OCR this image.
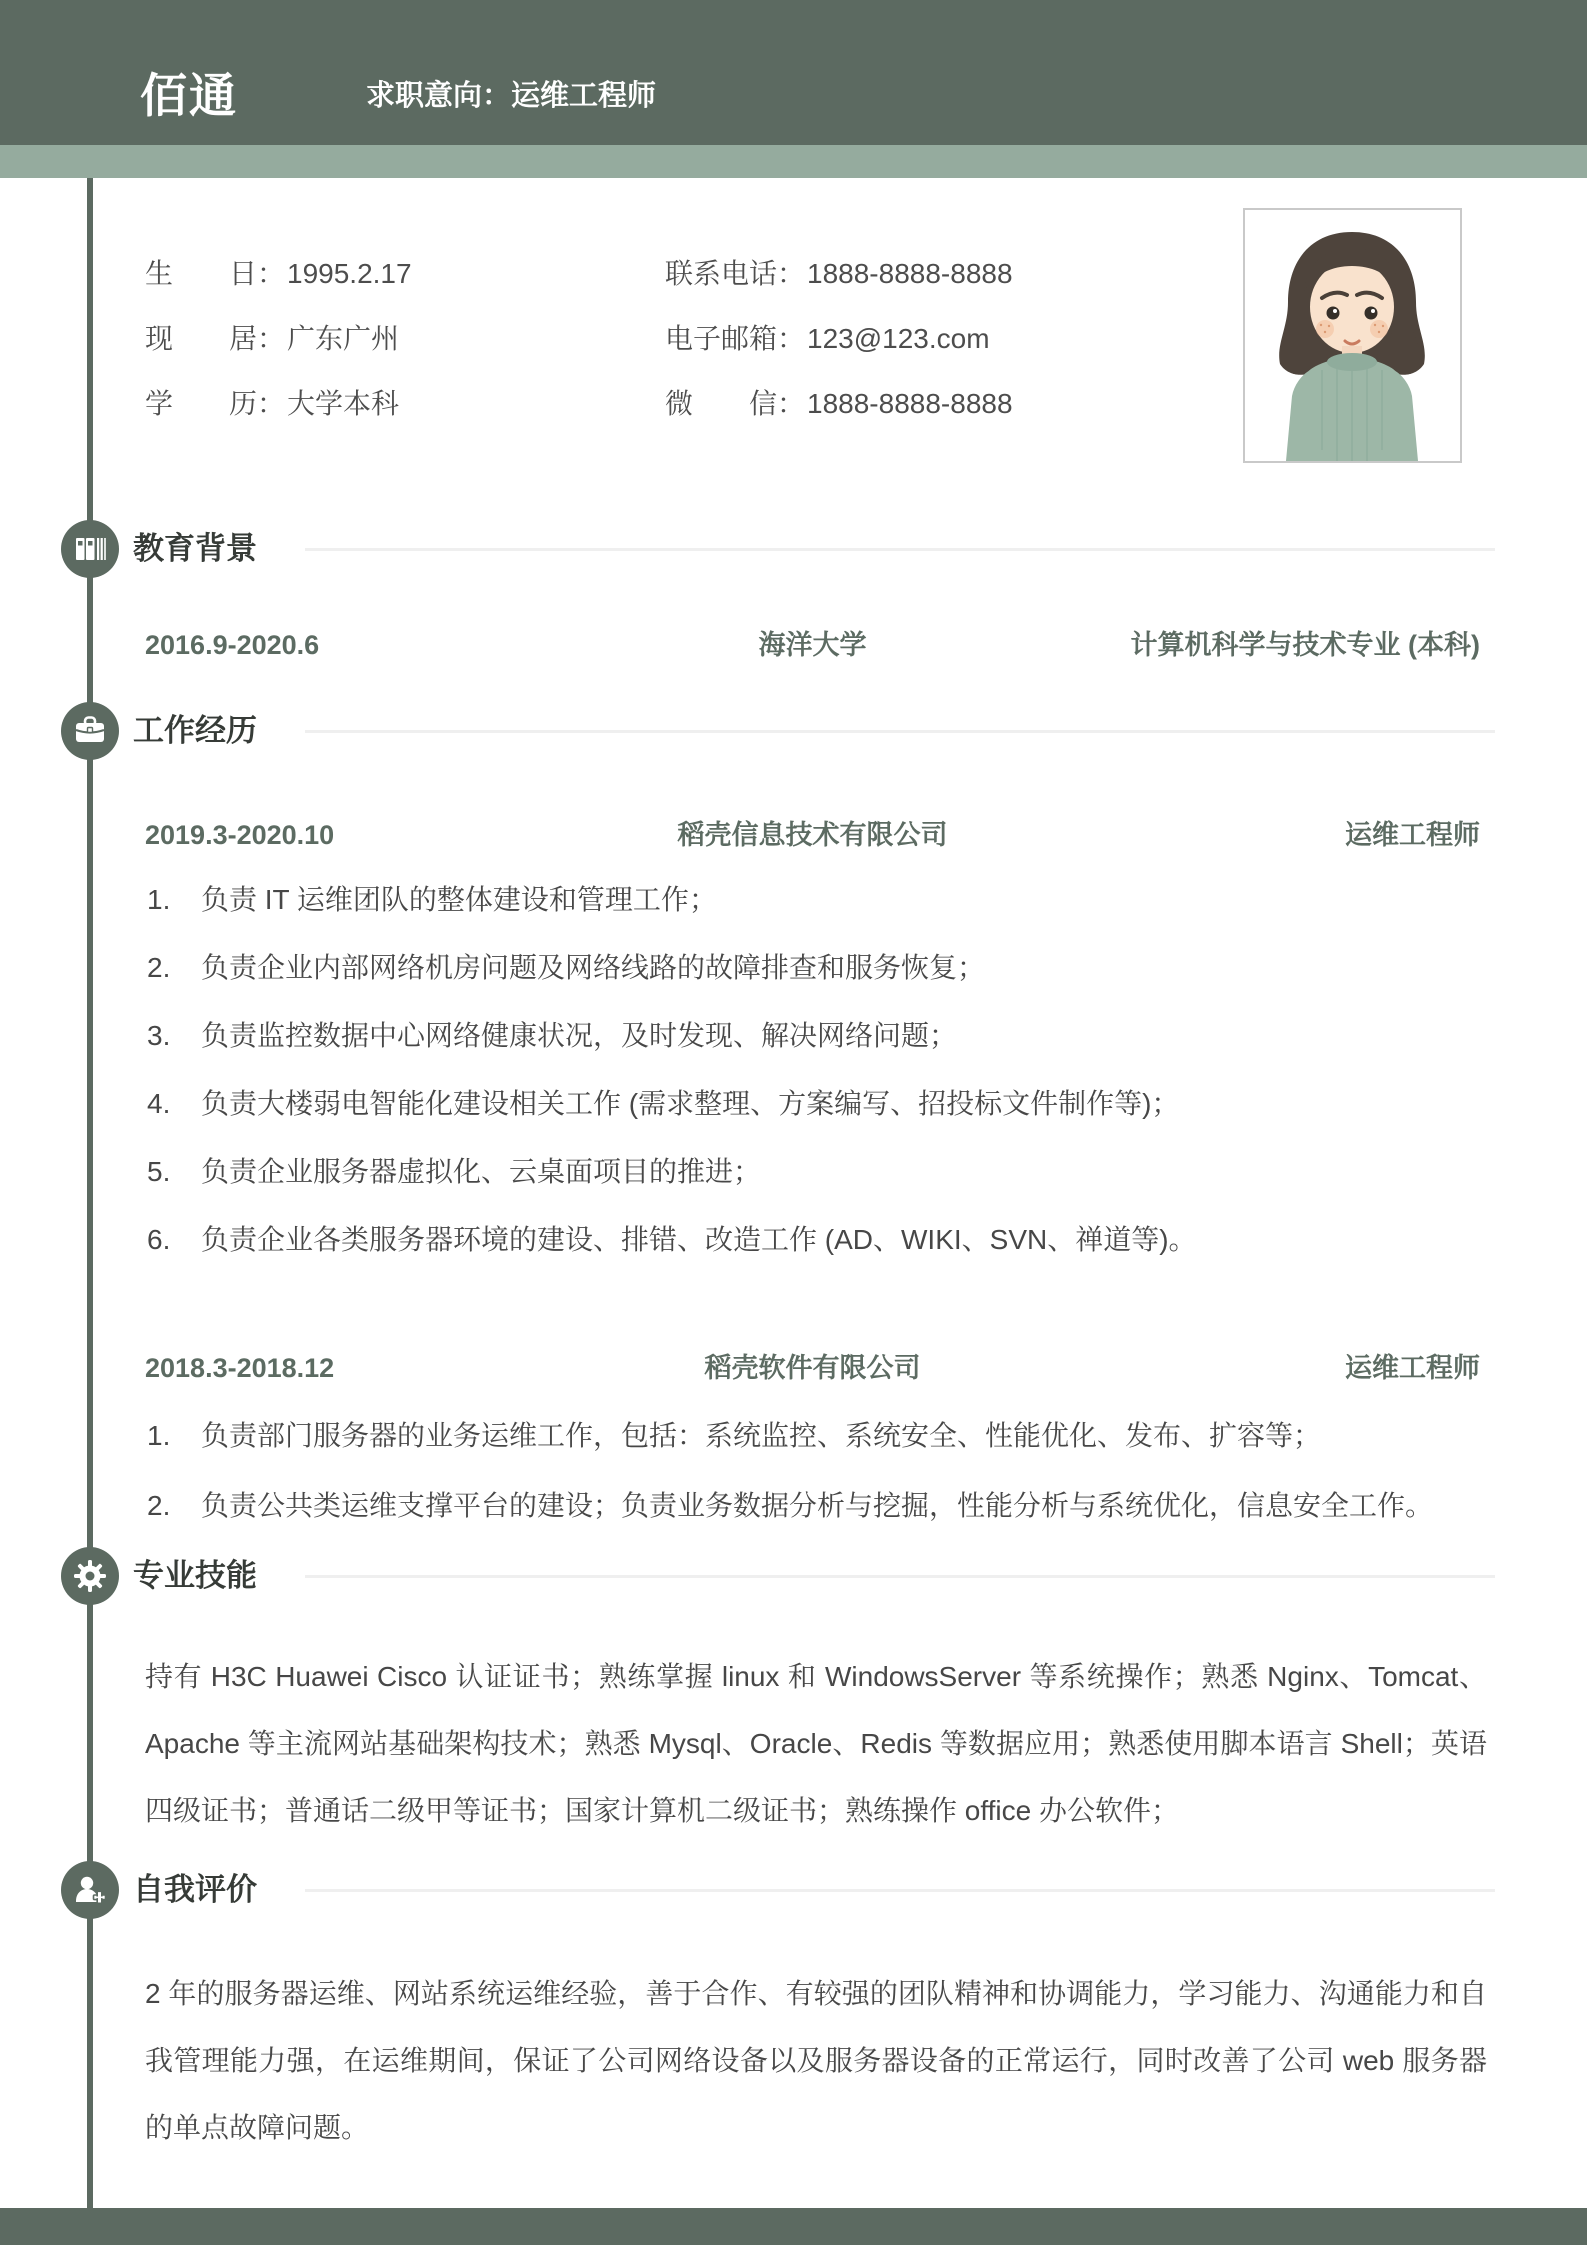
佰通	求职意向：运维工程师
生　　日：1995.2.17	联系电话：1888-8888-8888
现　　居：广东广州	电子邮箱：123@123.com
学　　历：大学本科	微　　信：1888-8888-8888
教育背景
2016.9-2020.6	海洋大学	计算机科学与技术专业 (本科)
工作经历
2019.3-2020.10	稻壳信息技术有限公司	运维工程师
负责 IT 运维团队的整体建设和管理工作；
负责企业内部网络机房问题及网络线路的故障排查和服务恢复；
负责监控数据中心网络健康状况，及时发现、解决网络问题；
负责大楼弱电智能化建设相关工作 (需求整理、方案编写、招投标文件制作等)；
负责企业服务器虚拟化、云桌面项目的推进；
负责企业各类服务器环境的建设、排错、改造工作 (AD、WIKI、SVN、禅道等)。
2018.3-2018.12	稻壳软件有限公司	运维工程师
负责部门服务器的业务运维工作，包括：系统监控、系统安全、性能优化、发布、扩容等；
负责公共类运维支撑平台的建设；负责业务数据分析与挖掘，性能分析与系统优化，信息安全工作。
专业技能

持有 H3C Huawei Cisco 认证证书；熟练掌握 linux 和 WindowsServer 等系统操作；熟悉 Nginx、Tomcat、Apache 等主流网站基础架构技术；熟悉 Mysql、Oracle、Redis 等数据应用；熟悉使用脚本语言 Shell；英语四级证书；普通话二级甲等证书；国家计算机二级证书；熟练操作 office 办公软件；

自我评价

2 年的服务器运维、网站系统运维经验，善于合作、有较强的团队精神和协调能力，学习能力、沟通能力和自我管理能力强，在运维期间，保证了公司网络设备以及服务器设备的正常运行，同时改善了公司 web 服务器的单点故障问题。
